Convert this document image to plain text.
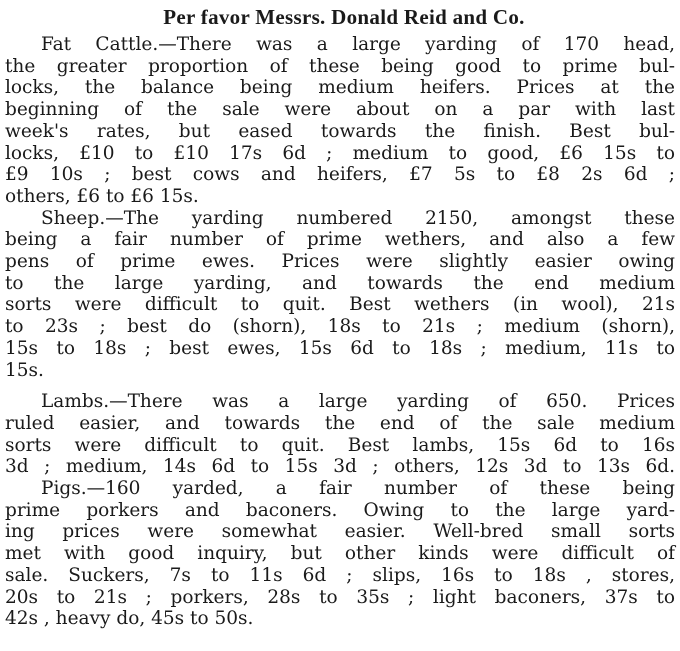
Per favor Messrs. Donald Reid and Co.
Fat Cattle.—There was a large yarding of 170 head,
the greater proportion of these being good to prime bul-
locks, the balance being medium heifers. Prices at the
beginning of the sale were about on a par with last
week's rates, but eased towards the finish. Best bul-
locks, £10 to £10 17s 6d ; medium to good, £6 15s to
£9 10s ; best cows and heifers, £7 5s to £8 2s 6d ;
others, £6 to £6 15s.
Sheep.—The yarding numbered 2150, amongst these
being a fair number of prime wethers, and also a few
pens of prime ewes. Prices were slightly easier owing
to the large yarding, and towards the end medium
sorts were difficult to quit. Best wethers (in wool), 21s
to 23s ; best do (shorn), 18s to 21s ; medium (shorn),
15s to 18s ; best ewes, 15s 6d to 18s ; medium, 11s to
15s.
Lambs.—There was a large yarding of 650. Prices
ruled easier, and towards the end of the sale medium
sorts were difficult to quit. Best lambs, 15s 6d to 16s
3d ; medium, 14s 6d to 15s 3d ; others, 12s 3d to 13s 6d.
Pigs.—160 yarded, a fair number of these being
prime porkers and baconers. Owing to the large yard-
ing prices were somewhat easier. Well-bred small sorts
met with good inquiry, but other kinds were difficult of
sale. Suckers, 7s to 11s 6d ; slips, 16s to 18s , stores,
20s to 21s ; porkers, 28s to 35s ; light baconers, 37s to
42s , heavy do, 45s to 50s.
